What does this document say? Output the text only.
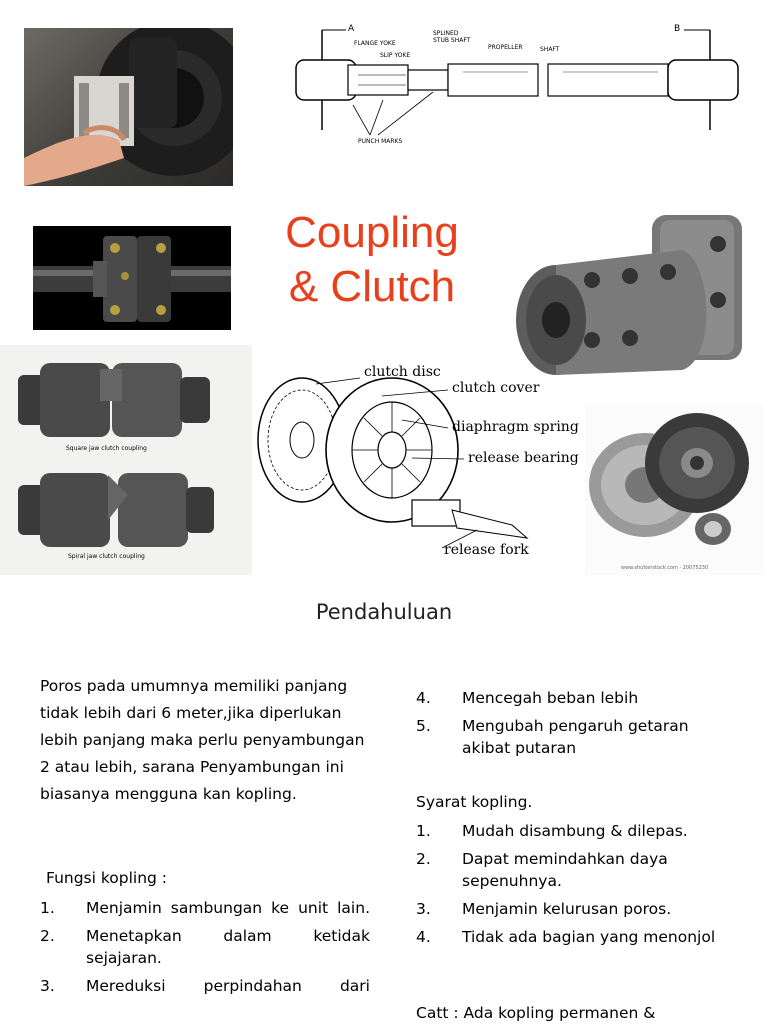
A	B
FLANGE YOKE
SLIP YOKE
SPLINED STUB SHAFT
PROPELLER	SHAFT
PUNCH MARKS
Coupling
& Clutch
Square jaw clutch coupling
Spiral jaw clutch coupling
clutch disc
clutch cover
diaphragm spring
release bearing
release fork
www.shutterstock.com · 20075230
Pendahuluan
Poros pada umumnya memiliki panjang tidak lebih dari 6 meter,jika diperlukan lebih panjang maka perlu penyambungan 2 atau lebih, sarana Penyambungan ini biasanya mengguna kan kopling.
Fungsi kopling :
1. Menjamin sambungan ke unit lain.
2. Menetapkan dalam ketidak sejajaran.
3. Mereduksi perpindahan dari
4. Mencegah beban lebih
5. Mengubah pengaruh getaran akibat putaran
Syarat kopling.
1. Mudah disambung & dilepas.
2. Dapat memindahkan daya sepenuhnya.
3. Menjamin kelurusan poros.
4. Tidak ada bagian yang menonjol
Catt : Ada kopling permanen &
